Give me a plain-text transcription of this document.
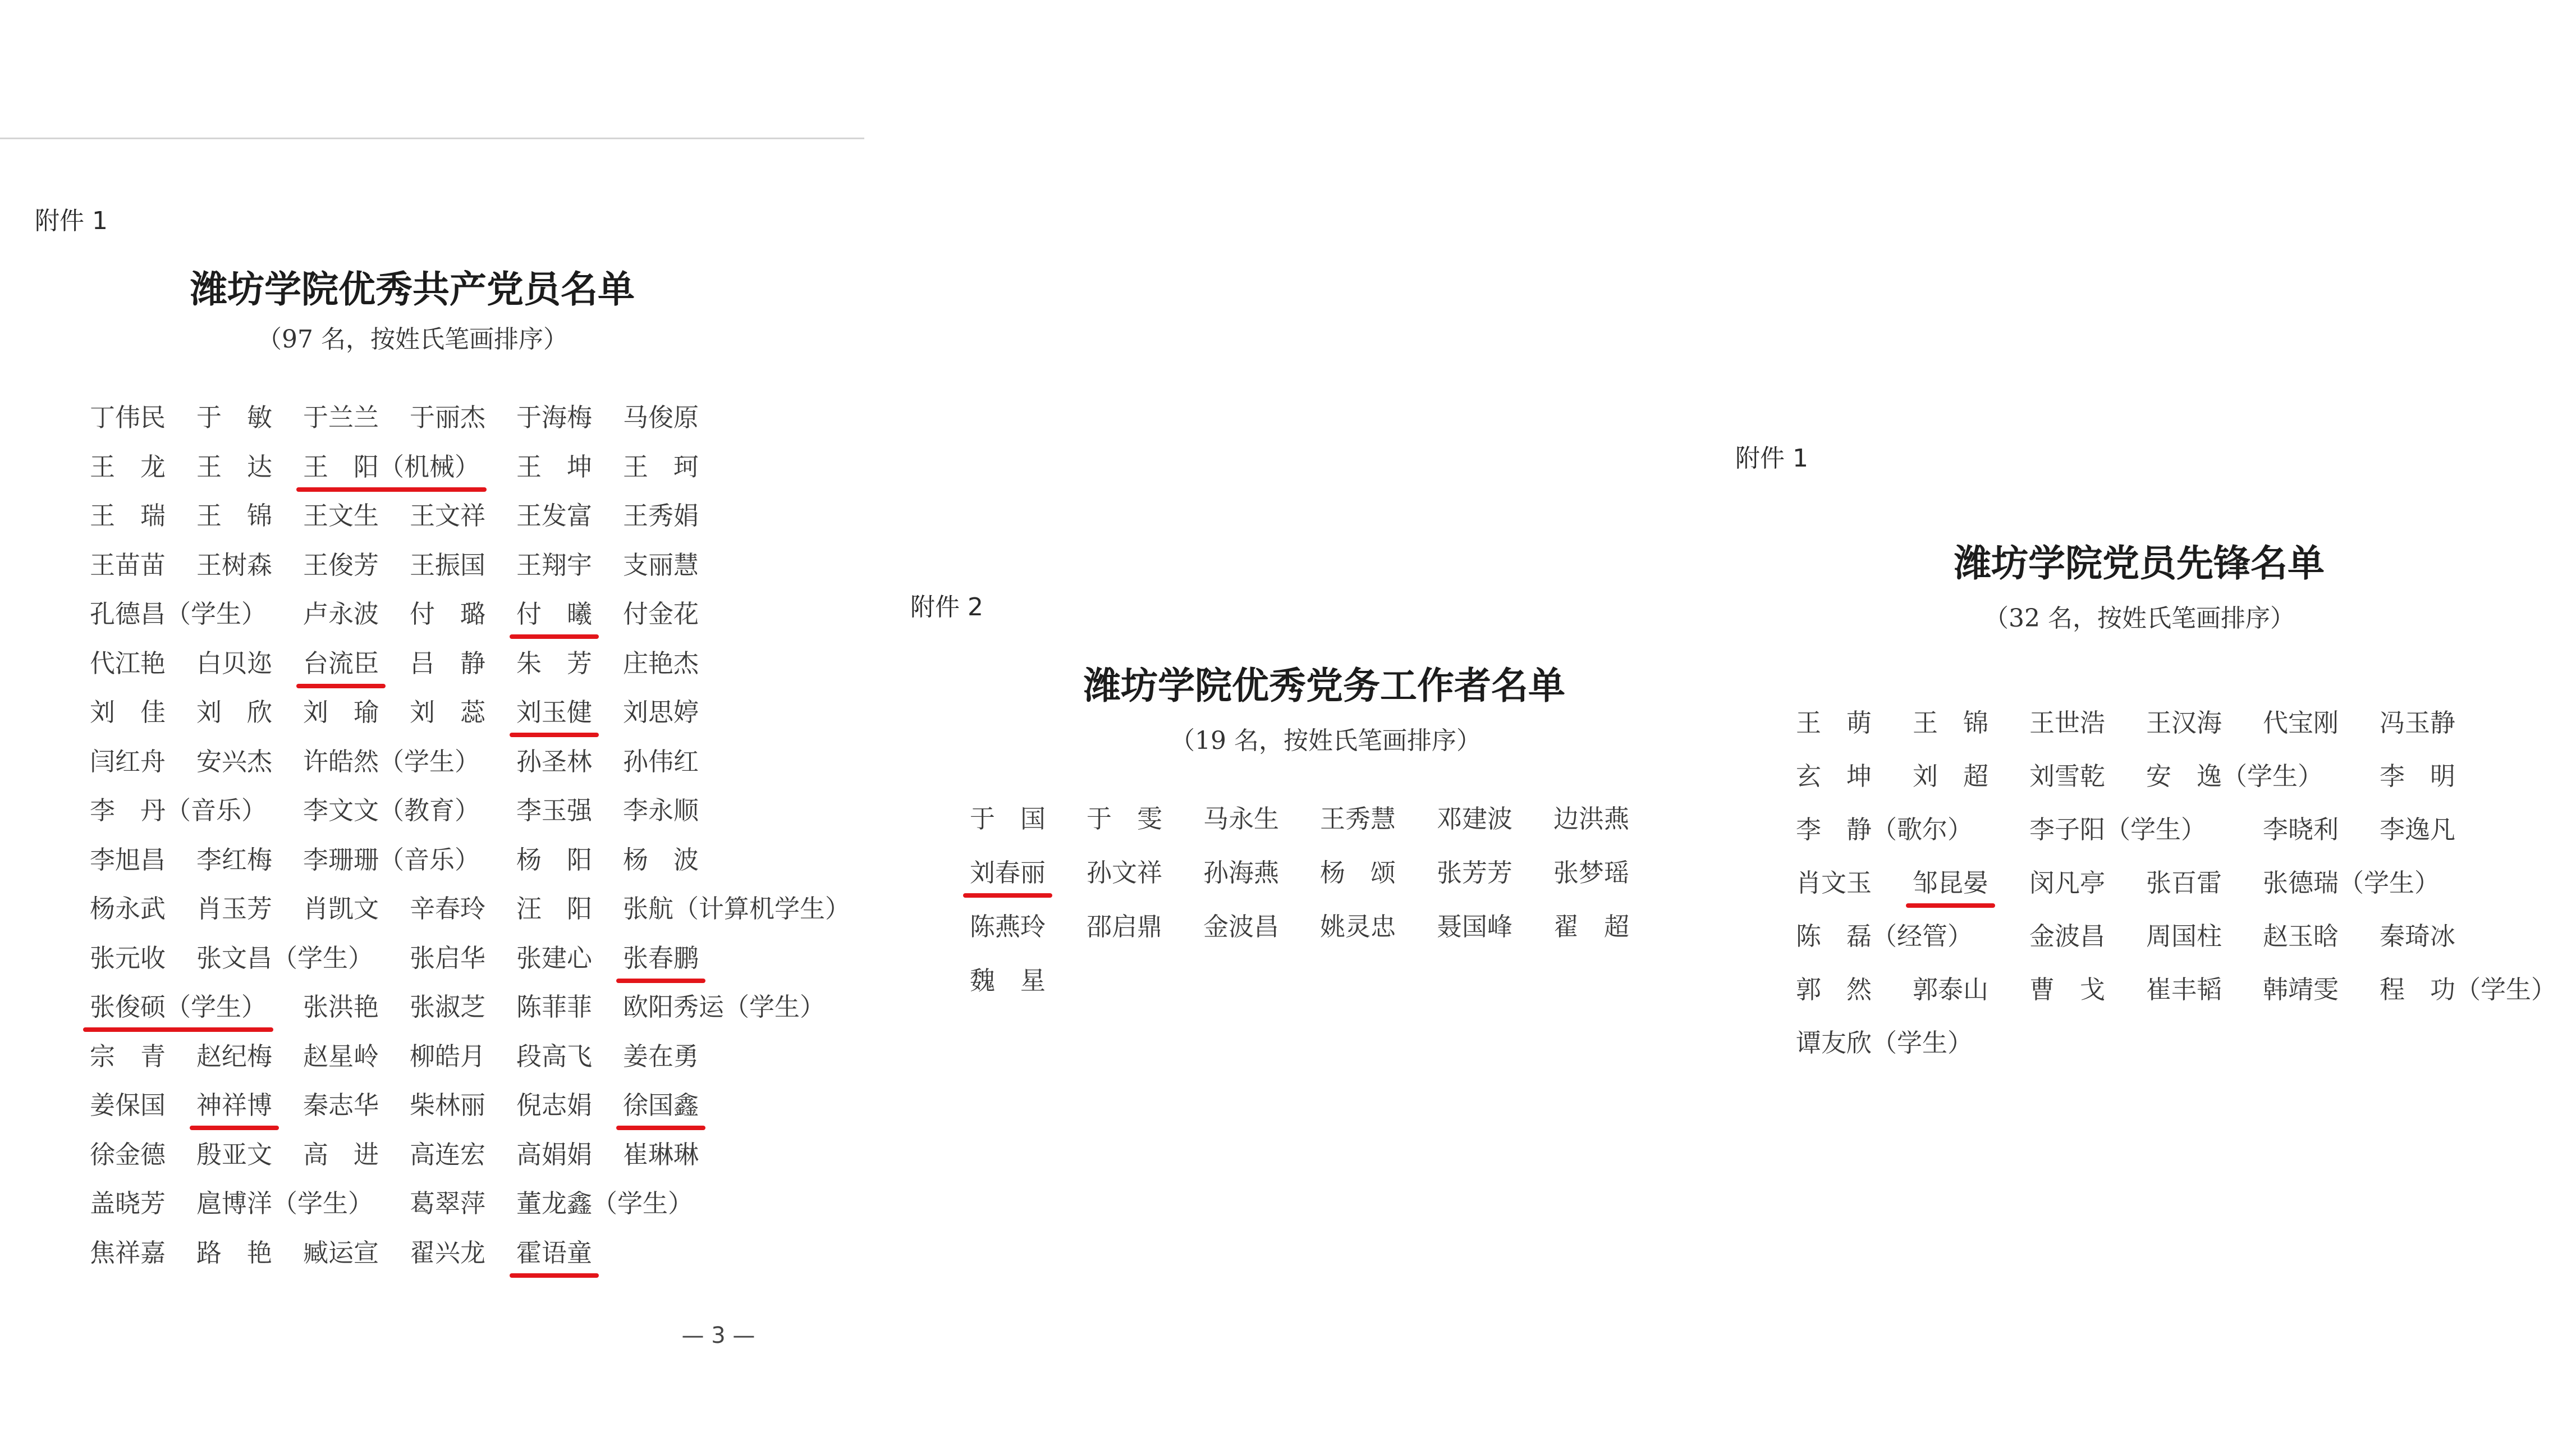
附件 1
潍坊学院优秀共产党员名单
（97 名，按姓氏笔画排序）
丁伟民 于　敏 于兰兰 于丽杰 于海梅 马俊原
王　龙 王　达 王　阳（机械） 王　坤 王　珂
王　瑞 王　锦 王文生 王文祥 王发富 王秀娟
王苗苗 王树森 王俊芳 王振国 王翔宇 支丽慧
孔德昌（学生） 卢永波 付　璐 付　曦 付金花
代江艳 白贝迩 台流臣 吕　静 朱　芳 庄艳杰
刘　佳 刘　欣 刘　瑜 刘　蕊 刘玉健 刘思婷
闫红舟 安兴杰 许皓然（学生） 孙圣林 孙伟红
李　丹（音乐） 李文文（教育） 李玉强 李永顺
李旭昌 李红梅 李珊珊（音乐） 杨　阳 杨　波
杨永武 肖玉芳 肖凯文 辛春玲 汪　阳 张航（计算机学生）
张元收 张文昌（学生） 张启华 张建心 张春鹏
张俊硕（学生） 张洪艳 张淑芝 陈菲菲 欧阳秀运（学生）
宗　青 赵纪梅 赵星岭 柳皓月 段高飞 姜在勇
姜保国 神祥博 秦志华 柴林丽 倪志娟 徐国鑫
徐金德 殷亚文 高　进 高连宏 高娟娟 崔琳琳
盖晓芳 扈博洋（学生） 葛翠萍 董龙鑫（学生）
焦祥嘉 路　艳 臧运宣 翟兴龙 霍语童
— 3 —
附件 2
潍坊学院优秀党务工作者名单
（19 名，按姓氏笔画排序）
于　国 于　雯 马永生 王秀慧 邓建波 边洪燕
刘春丽 孙文祥 孙海燕 杨　颂 张芳芳 张梦瑶
陈燕玲 邵启鼎 金波昌 姚灵忠 聂国峰 翟　超
魏　星
附件 1
潍坊学院党员先锋名单
（32 名，按姓氏笔画排序）
王　萌 王　锦 王世浩 王汉海 代宝刚 冯玉静
玄　坤 刘　超 刘雪乾 安　逸（学生） 李　明
李　静（歌尔） 李子阳（学生） 李晓利 李逸凡
肖文玉 邹昆晏 闵凡亭 张百雷 张德瑞（学生）
陈　磊（经管） 金波昌 周国柱 赵玉晗 秦琦冰
郭　然 郭泰山 曹　戈 崔丰韬 韩靖雯 程　功（学生）
谭友欣（学生）
